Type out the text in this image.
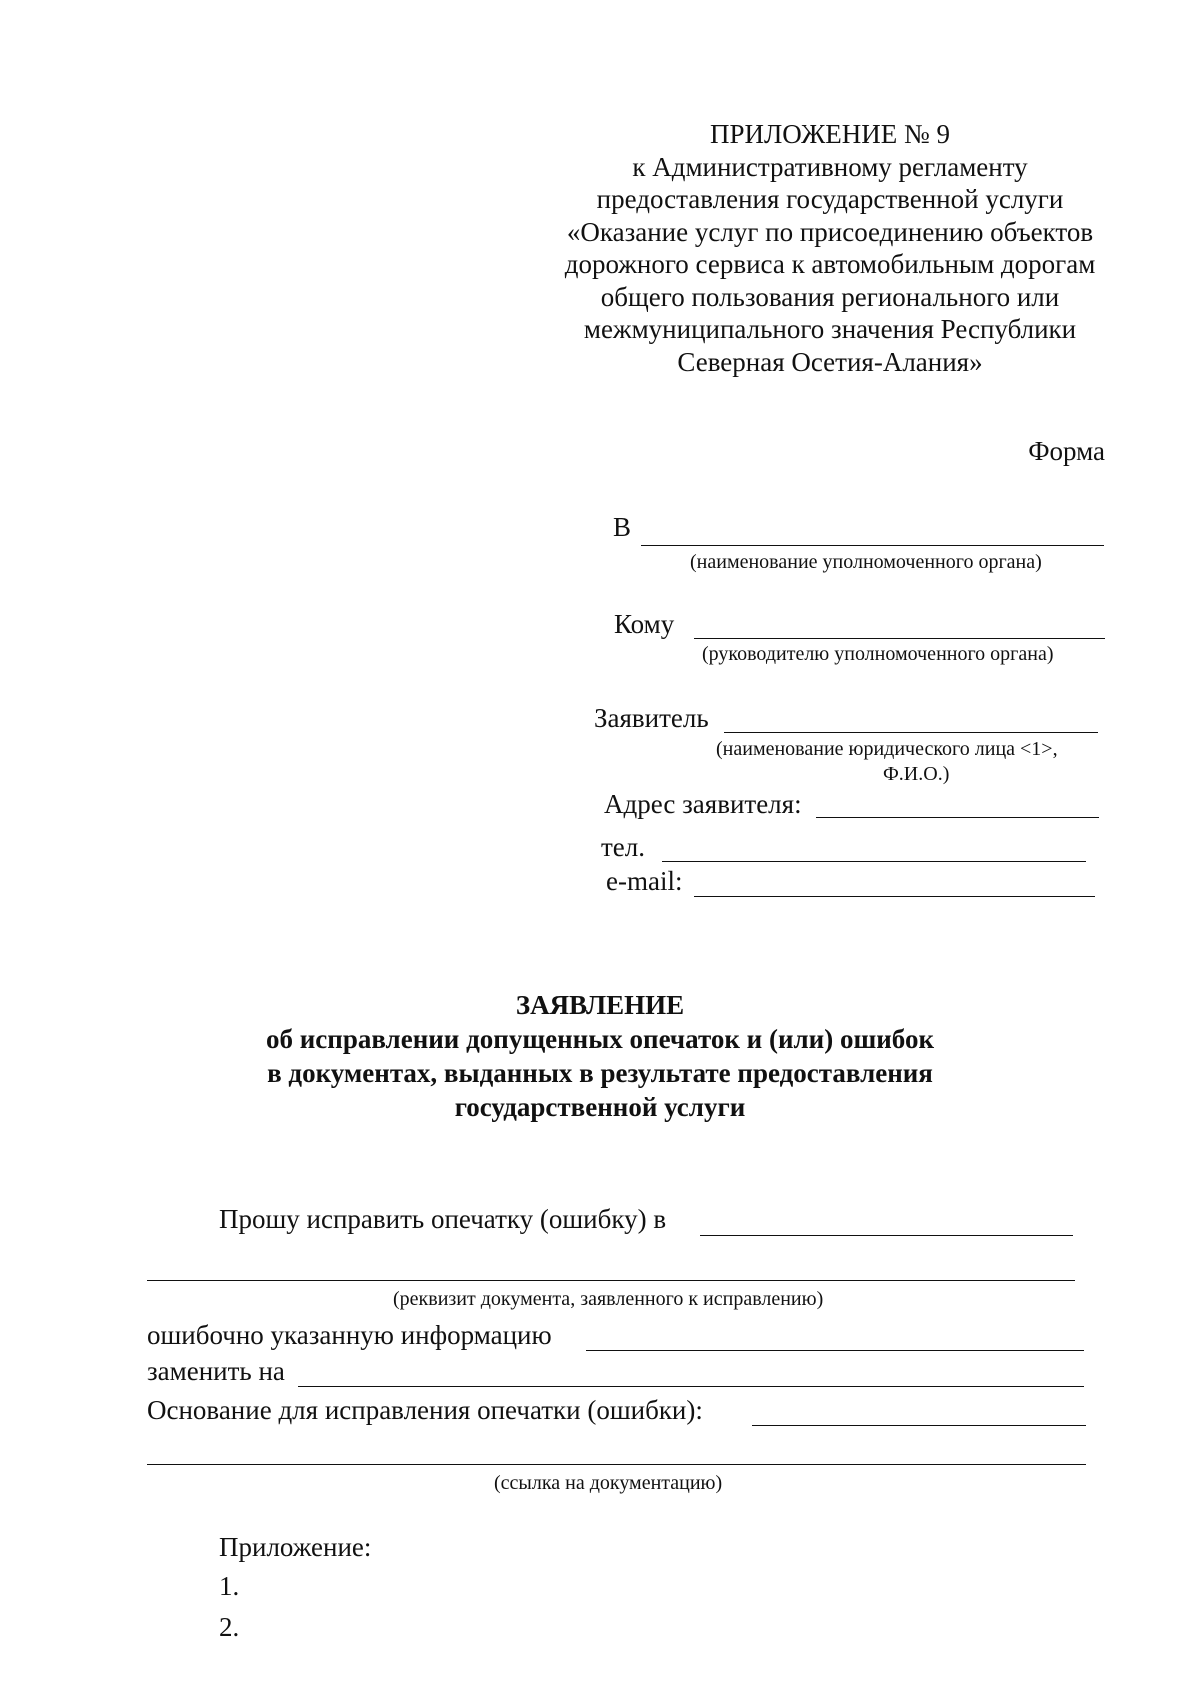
ПРИЛОЖЕНИЕ № 9
к Административному регламенту
предоставления государственной услуги
«Оказание услуг по присоединению объектов
дорожного сервиса к автомобильным дорогам
общего пользования регионального или
межмуниципального значения Республики
Северная Осетия-Алания»
Форма
В
(наименование уполномоченного органа)
Кому
(руководителю уполномоченного органа)
Заявитель
(наименование юридического лица <1>,
Ф.И.О.)
Адрес заявителя:
тел.
e-mail:
ЗАЯВЛЕНИЕ
об исправлении допущенных опечаток и (или) ошибок
в документах, выданных в результате предоставления
государственной услуги
Прошу исправить опечатку (ошибку) в
(реквизит документа, заявленного к исправлению)
ошибочно указанную информацию
заменить на
Основание для исправления опечатки (ошибки):
(ссылка на документацию)
Приложение:
1.
2.
